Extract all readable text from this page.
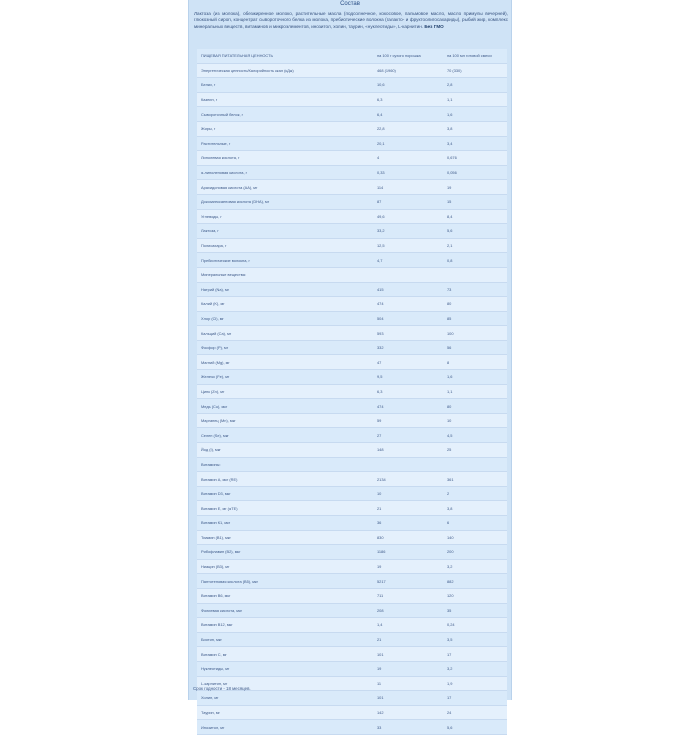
Состав
Лактоза (из молока), обезжиренное молоко, растительные масла (подсолнечное, кокосовое, пальмовое масло, масло примулы вечерней), глюкозный сироп, концентрат сывороточного белка из молока, пребиотические волокна (галакто- и фруктоолигосахариды), рыбий жир, комплекс минеральных веществ, витаминов и микроэлементов, инозитол, холин, таурин, «нуклеотиды», L-карнитин. Без ГМО
ПИЩЕВАЯ ПИТАТЕЛЬНАЯ ЦЕННОСТЬ	на 100 г сухого порошка	на 100 мл готовой смеси
Энергетическая ценность/Калорийность ккал (кДж)	468 (1960)	70 (330)
Белки, г	10,6	2,8
Казеин, г	6,3	1,1
Сывороточный белок, г	6,4	1,6
Жиры, г	22,8	3,8
Растительные, г	20,1	3,4
Линолевая кислота, г	4	0,676
α-линоленовая кислота, г	0,33	0,056
Арахидоновая кислота (АА), мг	114	19
Докозагексаеновая кислота (DHA), мг	87	15
Углеводы, г	49,6	8,4
Лактоза, г	33,2	5,6
Полисахара, г	12,5	2,1
Пребиотические волокна, г	4,7	0,8
Минеральные вещества:		
Натрий (Na), мг	415	73
Калий (K), мг	474	80
Хлор (Cl), мг	504	85
Кальций (Ca), мг	593	100
Фосфор (P), мг	332	56
Магний (Mg), мг	47	8
Железо (Fe), мг	9,5	1,6
Цинк (Zn), мг	6,3	1,1
Медь (Cu), мкг	474	80
Марганец (Mn), мкг	59	10
Селен (Se), мкг	27	4,5
Йод (I), мкг	148	25
Витамины:		
Витамин А, мкг (RE)	2134	361
Витамин D3, мкг	10	2
Витамин Е, мг (αTE)	21	3,8
Витамин К1, мкг	36	6
Тиамин (В1), мкг	830	140
Рибофлавин (В2), мкг	1186	200
Ниацин (В3), мг	19	3,2
Пантотеновая кислота (В5), мкг	5217	882
Витамин В6, мкг	711	120
Фолиевая кислота, мкг	208	35
Витамин В12, мкг	1,4	0,24
Биотин, мкг	21	3,5
Витамин С, мг	101	17
Нуклеотиды, мг	19	3,2
L-карнитин, мг	11	1,9
Холин, мг	101	17
Таурин, мг	142	24
Инозитол, мг	33	5,6
Срок годности - 18 месяцев.
